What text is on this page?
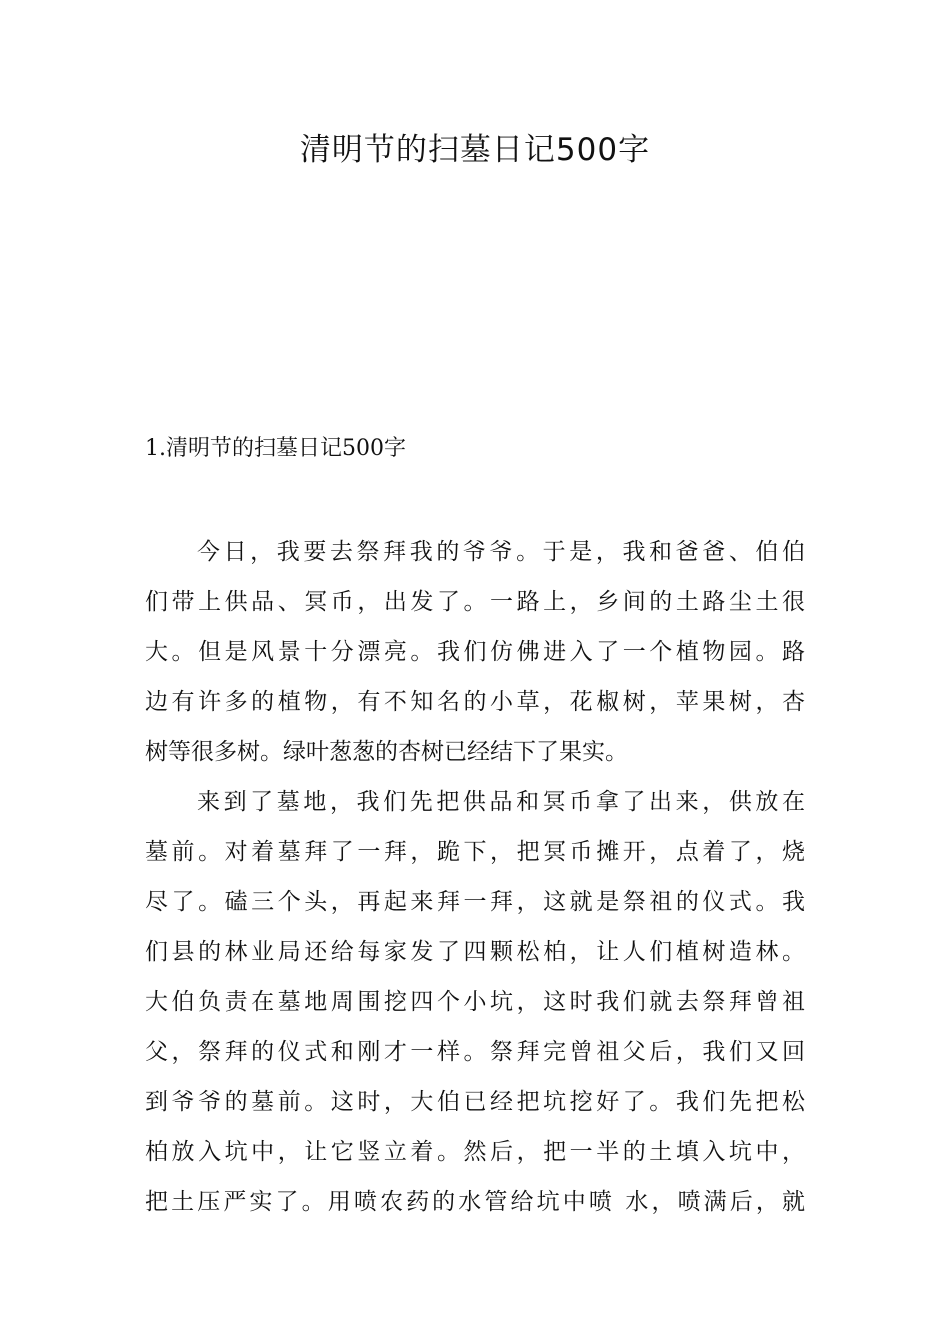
清明节的扫墓日记500字
1.清明节的扫墓日记500字
今日，我要去祭拜我的爷爷。于是，我和爸爸、伯伯
们带上供品、冥币，出发了。一路上，乡间的土路尘土很
大。但是风景十分漂亮。我们仿佛进入了一个植物园。路
边有许多的植物，有不知名的小草，花椒树，苹果树，杏
树等很多树。绿叶葱葱的杏树已经结下了果实。
来到了墓地，我们先把供品和冥币拿了出来，供放在
墓前。对着墓拜了一拜，跪下，把冥币摊开，点着了，烧
尽了。磕三个头，再起来拜一拜，这就是祭祖的仪式。我
们县的林业局还给每家发了四颗松柏，让人们植树造林。
大伯负责在墓地周围挖四个小坑，这时我们就去祭拜曾祖
父，祭拜的仪式和刚才一样。祭拜完曾祖父后，我们又回
到爷爷的墓前。这时，大伯已经把坑挖好了。我们先把松
柏放入坑中，让它竖立着。然后，把一半的土填入坑中，
把土压严实了。用喷农药的水管给坑中喷 水，喷满后，就
